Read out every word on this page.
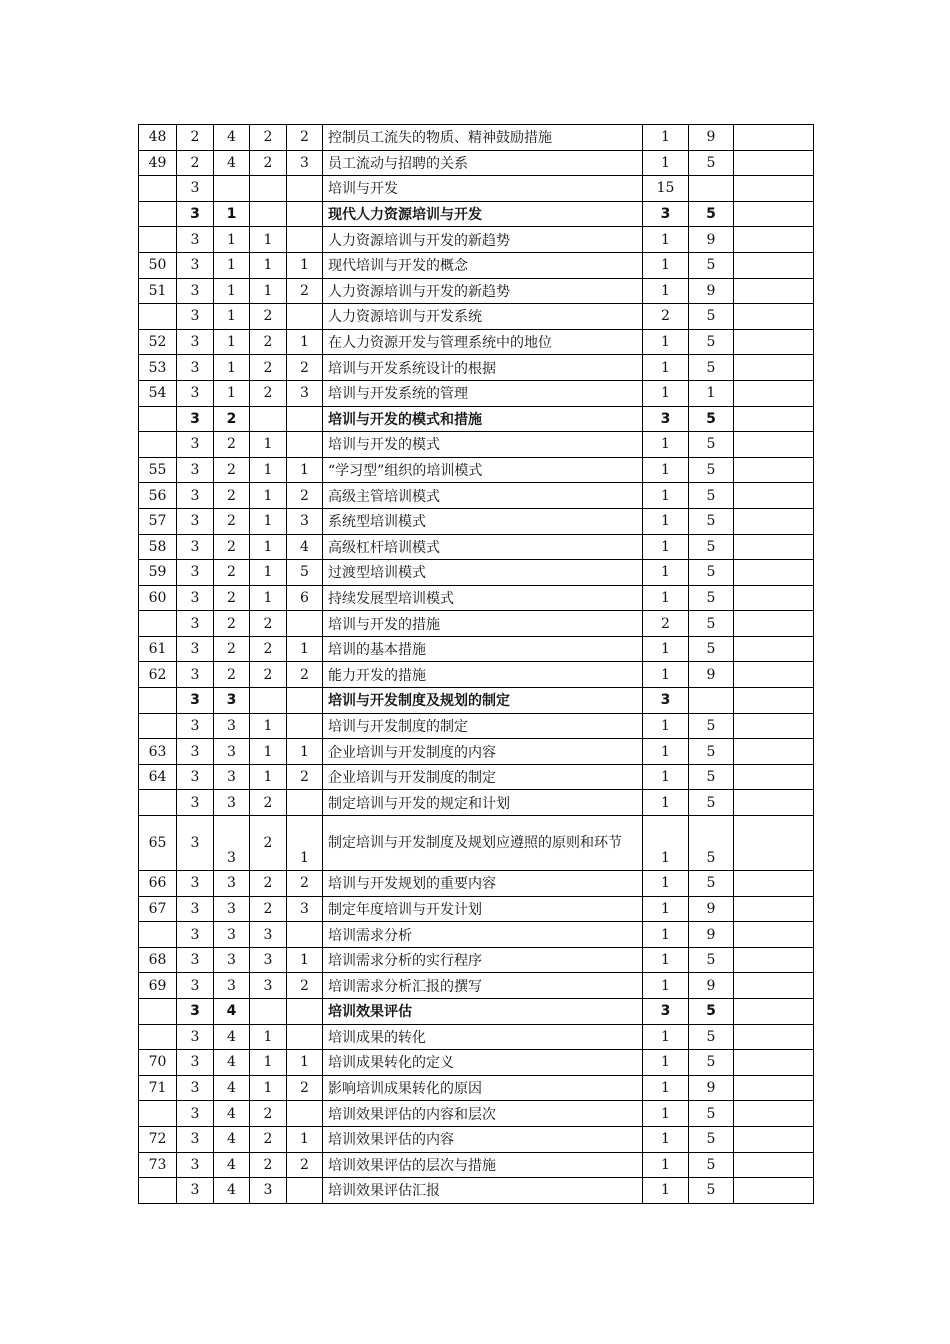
48	2	4	2	2	控制员工流失的物质、精神鼓励措施	1	9	
49	2	4	2	3	员工流动与招聘的关系	1	5	
	3				培训与开发	15		
	3	1			现代人力资源培训与开发	3	5	
	3	1	1		人力资源培训与开发的新趋势	1	9	
50	3	1	1	1	现代培训与开发的概念	1	5	
51	3	1	1	2	人力资源培训与开发的新趋势	1	9	
	3	1	2		人力资源培训与开发系统	2	5	
52	3	1	2	1	在人力资源开发与管理系统中的地位	1	5	
53	3	1	2	2	培训与开发系统设计的根据	1	5	
54	3	1	2	3	培训与开发系统的管理	1	1	
	3	2			培训与开发的模式和措施	3	5	
	3	2	1		培训与开发的模式	1	5	
55	3	2	1	1	“学习型”组织的培训模式	1	5	
56	3	2	1	2	高级主管培训模式	1	5	
57	3	2	1	3	系统型培训模式	1	5	
58	3	2	1	4	高级杠杆培训模式	1	5	
59	3	2	1	5	过渡型培训模式	1	5	
60	3	2	1	6	持续发展型培训模式	1	5	
	3	2	2		培训与开发的措施	2	5	
61	3	2	2	1	培训的基本措施	1	5	
62	3	2	2	2	能力开发的措施	1	9	
	3	3			培训与开发制度及规划的制定	3		
	3	3	1		培训与开发制度的制定	1	5	
63	3	3	1	1	企业培训与开发制度的内容	1	5	
64	3	3	1	2	企业培训与开发制度的制定	1	5	
	3	3	2		制定培训与开发的规定和计划	1	5	
65	3	3	2	1	制定培训与开发制度及规划应遵照的原则和环节	1	5	
66	3	3	2	2	培训与开发规划的重要内容	1	5	
67	3	3	2	3	制定年度培训与开发计划	1	9	
	3	3	3		培训需求分析	1	9	
68	3	3	3	1	培训需求分析的实行程序	1	5	
69	3	3	3	2	培训需求分析汇报的撰写	1	9	
	3	4			培训效果评估	3	5	
	3	4	1		培训成果的转化	1	5	
70	3	4	1	1	培训成果转化的定义	1	5	
71	3	4	1	2	影响培训成果转化的原因	1	9	
	3	4	2		培训效果评估的内容和层次	1	5	
72	3	4	2	1	培训效果评估的内容	1	5	
73	3	4	2	2	培训效果评估的层次与措施	1	5	
	3	4	3		培训效果评估汇报	1	5	
